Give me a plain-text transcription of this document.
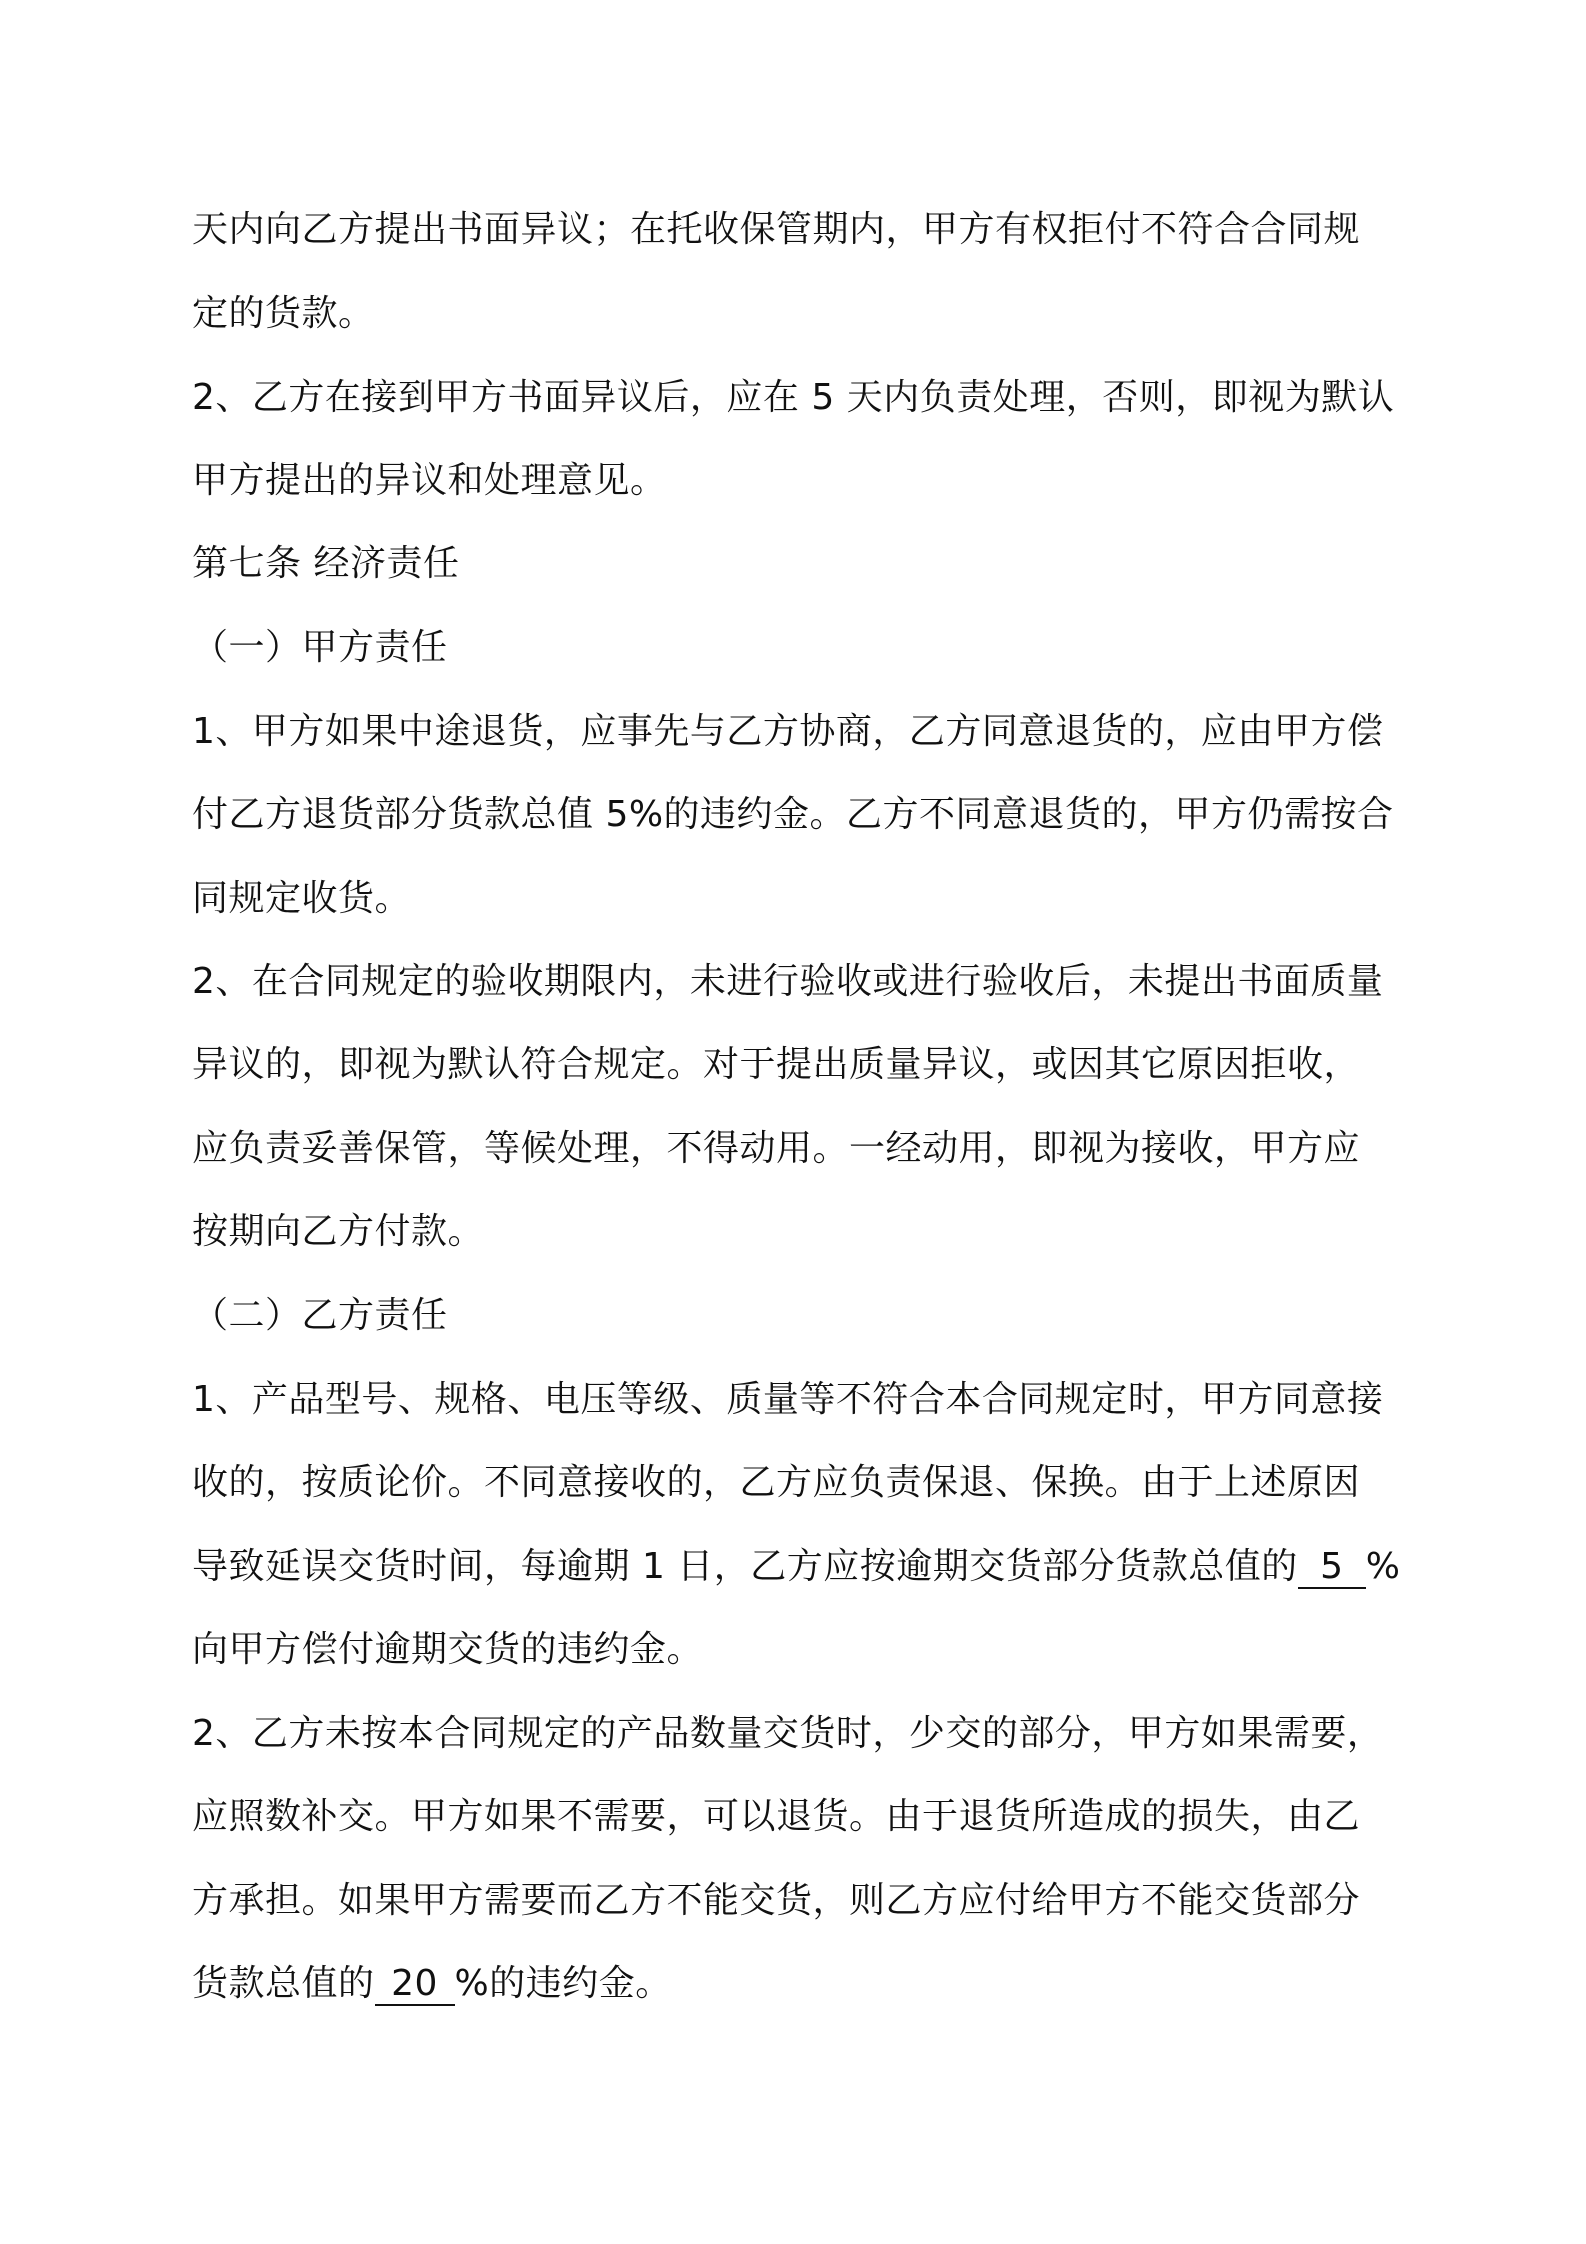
天内向乙方提出书面异议；在托收保管期内，甲方有权拒付不符合合同规
定的货款。
2、乙方在接到甲方书面异议后，应在 5 天内负责处理，否则，即视为默认
甲方提出的异议和处理意见。
第七条 经济责任
（一）甲方责任
1、甲方如果中途退货，应事先与乙方协商，乙方同意退货的，应由甲方偿
付乙方退货部分货款总值 5%的违约金。乙方不同意退货的，甲方仍需按合
同规定收货。
2、在合同规定的验收期限内，未进行验收或进行验收后，未提出书面质量
异议的，即视为默认符合规定。对于提出质量异议，或因其它原因拒收，
应负责妥善保管，等候处理，不得动用。一经动用，即视为接收，甲方应
按期向乙方付款。
（二）乙方责任
1、产品型号、规格、电压等级、质量等不符合本合同规定时，甲方同意接
收的，按质论价。不同意接收的，乙方应负责保退、保换。由于上述原因
导致延误交货时间，每逾期 1 日，乙方应按逾期交货部分货款总值的 5 %
向甲方偿付逾期交货的违约金。
2、乙方未按本合同规定的产品数量交货时，少交的部分，甲方如果需要，
应照数补交。甲方如果不需要，可以退货。由于退货所造成的损失，由乙
方承担。如果甲方需要而乙方不能交货，则乙方应付给甲方不能交货部分
货款总值的 20 %的违约金。
